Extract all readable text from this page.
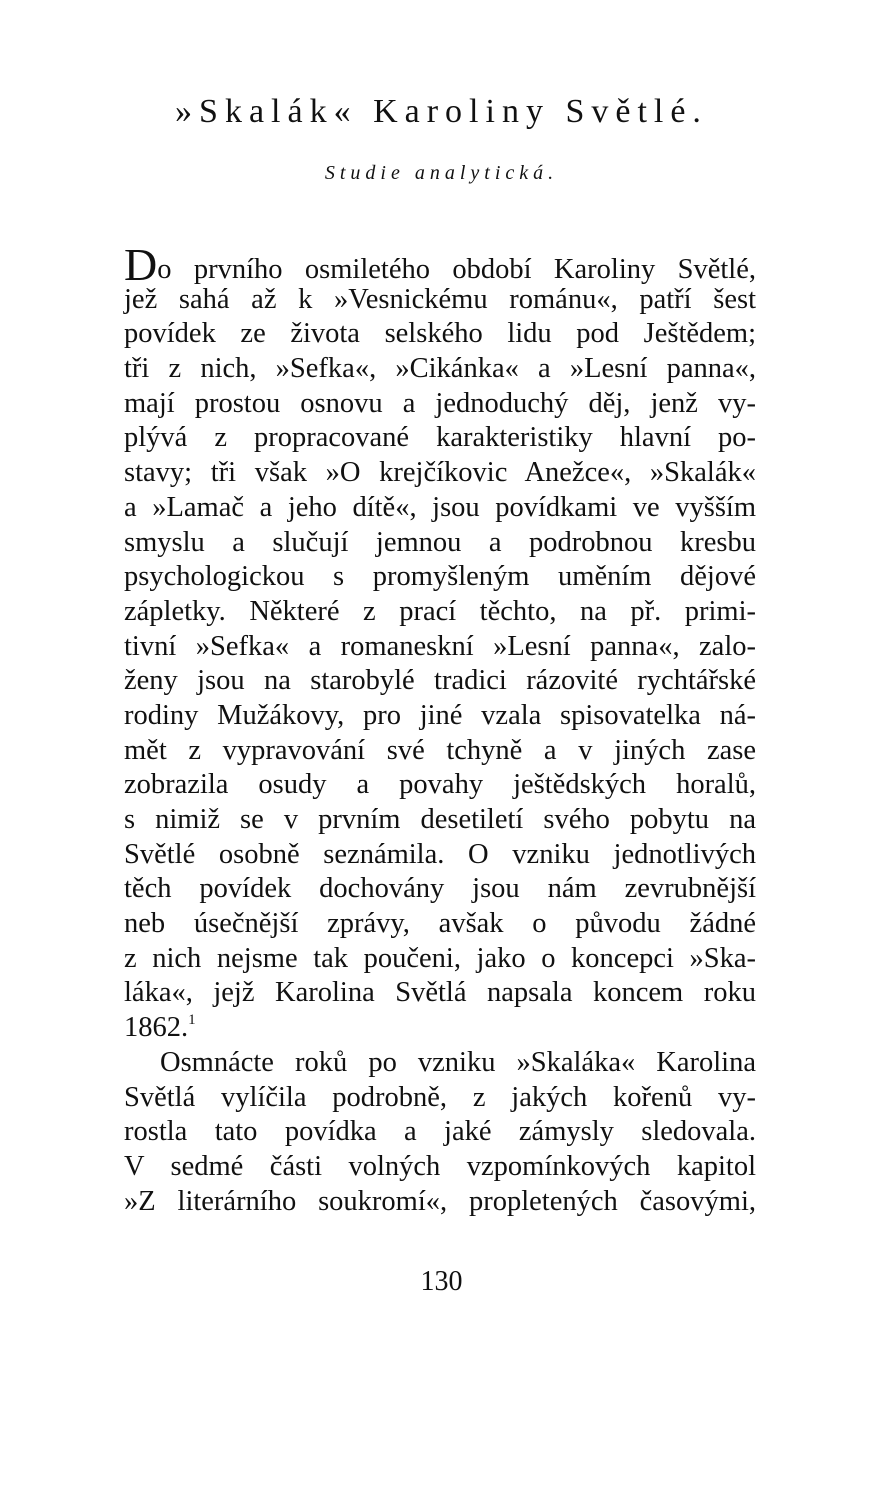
»Skalák« Karoliny Světlé.
Studie analytická.
Do prvního osmiletého období Karoliny Světlé,
jež sahá až k »Vesnickému románu«, patří šest
povídek ze života selského lidu pod Ještědem;
tři z nich, »Sefka«, »Cikánka« a »Lesní panna«,
mají prostou osnovu a jednoduchý děj, jenž vy-
plývá z propracované karakteristiky hlavní po-
stavy; tři však »O krejčíkovic Anežce«, »Skalák«
a »Lamač a jeho dítě«, jsou povídkami ve vyšším
smyslu a slučují jemnou a podrobnou kresbu
psychologickou s promyšleným uměním dějové
zápletky. Některé z prací těchto, na př. primi-
tivní »Sefka« a romaneskní »Lesní panna«, zalo-
ženy jsou na starobylé tradici rázovité rychtářské
rodiny Mužákovy, pro jiné vzala spisovatelka ná-
mět z vypravování své tchyně a v jiných zase
zobrazila osudy a povahy ještědských horalů,
s nimiž se v prvním desetiletí svého pobytu na
Světlé osobně seznámila. O vzniku jednotlivých
těch povídek dochovány jsou nám zevrubnější
neb úsečnější zprávy, avšak o původu žádné
z nich nejsme tak poučeni, jako o koncepci »Ska-
láka«, jejž Karolina Světlá napsala koncem roku
1862.$^1$
Osmnácte roků po vzniku »Skaláka« Karolina
Světlá vylíčila podrobně, z jakých kořenů vy-
rostla tato povídka a jaké zámysly sledovala.
V sedmé části volných vzpomínkových kapitol
»Z literárního soukromí«, propletených časovými,
130
